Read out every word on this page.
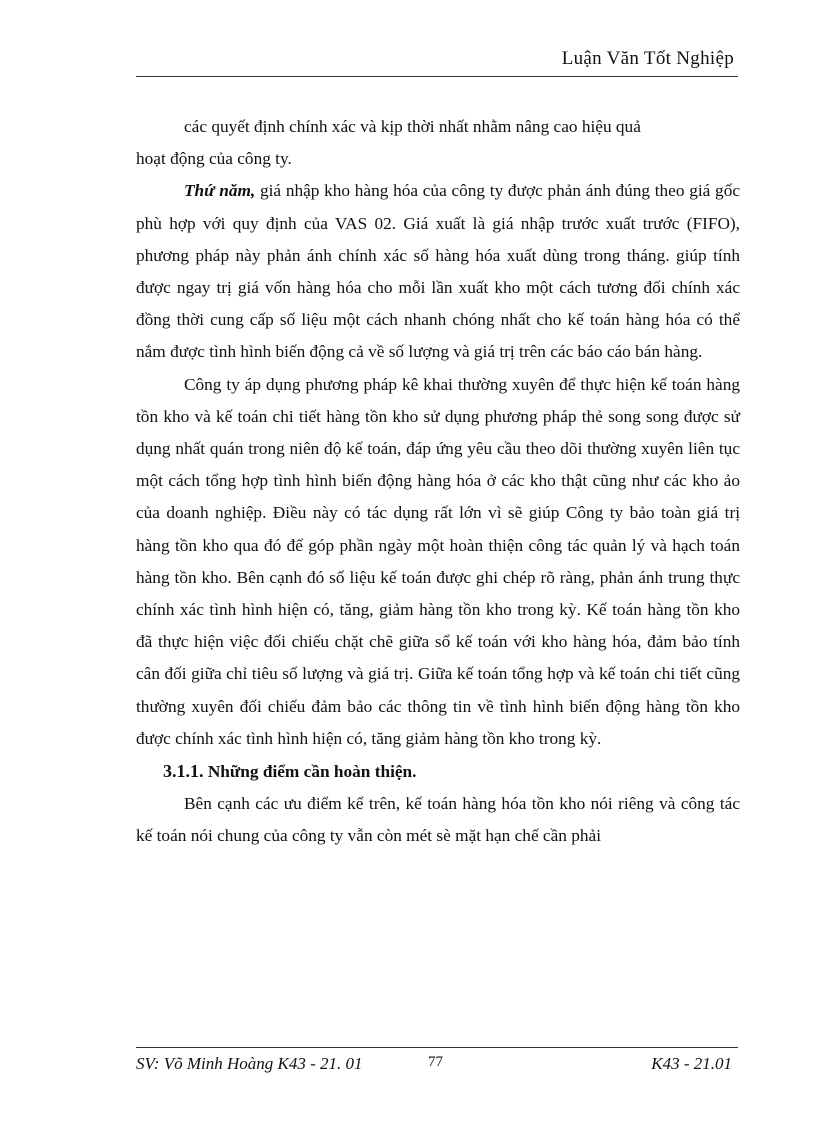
Luận Văn Tốt Nghiệp

các quyết định chính xác và kịp thời nhất nhằm nâng cao hiệu quả

hoạt động của công ty.

Thứ năm, giá nhập kho hàng hóa của công ty được phản ánh đúng theo giá gốc phù hợp với quy định của VAS 02. Giá xuất là giá nhập trước xuất trước (FIFO), phương pháp này phản ánh chính xác số hàng hóa xuất dùng trong tháng. giúp tính được ngay trị giá vốn hàng hóa cho mỗi lần xuất kho một cách tương đối chính xác đồng thời cung cấp số liệu một cách nhanh chóng nhất cho kế toán hàng hóa có thể nắm được tình hình biến động cả về số lượng và giá trị trên các báo cáo bán hàng.

Công ty áp dụng phương pháp kê khai thường xuyên để thực hiện kế toán hàng tồn kho và kế toán chi tiết hàng tồn kho sử dụng phương pháp thẻ song song được sử dụng nhất quán trong niên độ kế toán, đáp ứng yêu cầu theo dõi thường xuyên liên tục một cách tổng hợp tình hình biến động hàng hóa ở các kho thật cũng như các kho ảo của doanh nghiệp. Điều này có tác dụng rất lớn vì sẽ giúp Công ty bảo toàn giá trị hàng tồn kho qua đó để góp phần ngày một hoàn thiện công tác quản lý và hạch toán hàng tồn kho. Bên cạnh đó số liệu kế toán được ghi chép rõ ràng, phản ánh trung thực chính xác tình hình hiện có, tăng, giảm hàng tồn kho trong kỳ. Kế toán hàng tồn kho đã thực hiện việc đối chiếu chặt chẽ giữa sổ kế toán với kho hàng hóa, đảm bảo tính cân đối giữa chỉ tiêu số lượng và giá trị. Giữa kế toán tổng hợp và kế toán chi tiết cũng thường xuyên đối chiếu đảm bảo các thông tin về tình hình biến động hàng tồn kho được chính xác tình hình hiện có, tăng giảm hàng tồn kho trong kỳ.

3.1.1. Những điểm cần hoàn thiện.

Bên cạnh các ưu điểm kể trên, kế toán hàng hóa tồn kho nói riêng và công tác kế toán nói chung của công ty vẫn còn mét sè mặt hạn chế cần phải

SV: Võ Minh Hoàng K43 - 21. 01	77	K43 - 21.01
